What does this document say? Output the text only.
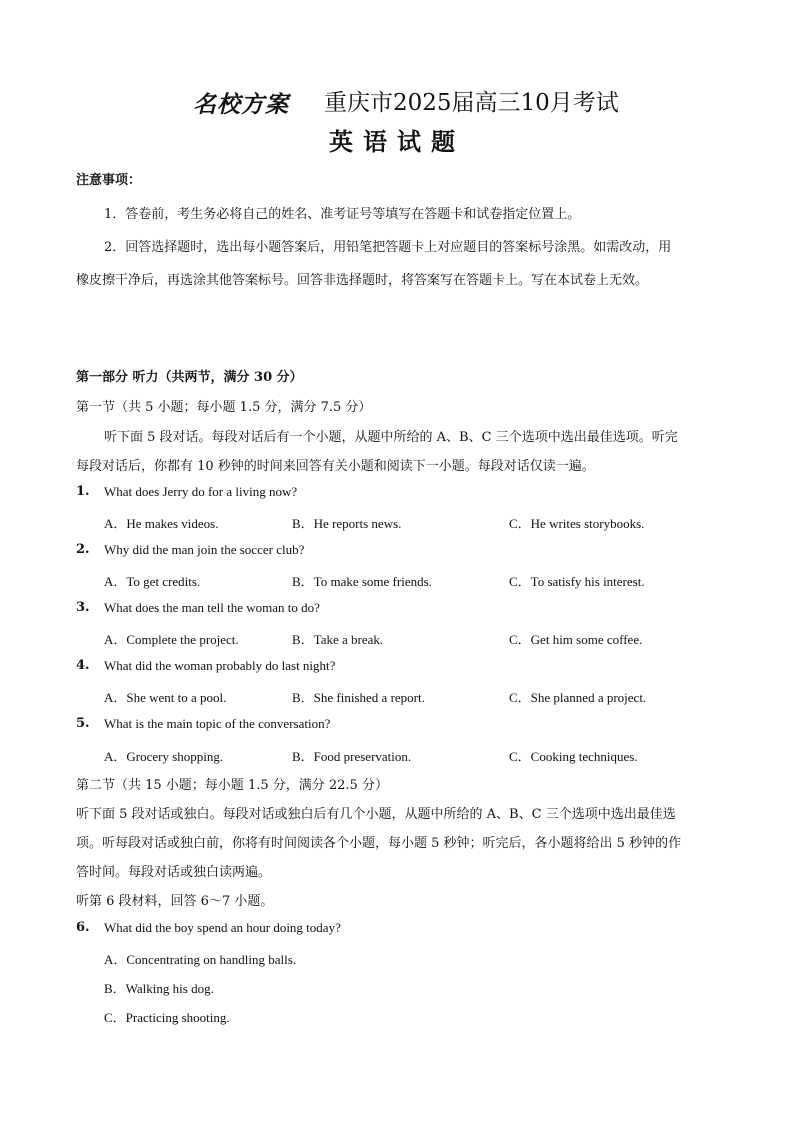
名校方案 重庆市2025届高三10月考试
英语试题
注意事项：
1．答卷前，考生务必将自己的姓名、准考证号等填写在答题卡和试卷指定位置上。
2．回答选择题时，选出每小题答案后，用铅笔把答题卡上对应题目的答案标号涂黑。如需改动，用
橡皮擦干净后，再选涂其他答案标号。回答非选择题时，将答案写在答题卡上。写在本试卷上无效。
第一部分 听力（共两节，满分 30 分）
第一节（共 5 小题；每小题 1.5 分，满分 7.5 分）
听下面 5 段对话。每段对话后有一个小题，从题中所给的 A、B、C 三个选项中选出最佳选项。听完
每段对话后，你都有 10 秒钟的时间来回答有关小题和阅读下一小题。每段对话仅读一遍。
1. What does Jerry do for a living now?
A．He makes videos.	B．He reports news.	C．He writes storybooks.
2. Why did the man join the soccer club?
A．To get credits.	B．To make some friends.	C．To satisfy his interest.
3. What does the man tell the woman to do?
A．Complete the project.	B．Take a break.	C．Get him some coffee.
4. What did the woman probably do last night?
A．She went to a pool.	B．She finished a report.	C．She planned a project.
5. What is the main topic of the conversation?
A．Grocery shopping.	B．Food preservation.	C．Cooking techniques.
第二节（共 15 小题；每小题 1.5 分，满分 22.5 分）
听下面 5 段对话或独白。每段对话或独白后有几个小题，从题中所给的 A、B、C 三个选项中选出最佳选
项。听每段对话或独白前，你将有时间阅读各个小题，每小题 5 秒钟；听完后，各小题将给出 5 秒钟的作
答时间。每段对话或独白读两遍。
听第 6 段材料，回答 6～7 小题。
6. What did the boy spend an hour doing today?
A．Concentrating on handling balls.
B．Walking his dog.
C．Practicing shooting.
